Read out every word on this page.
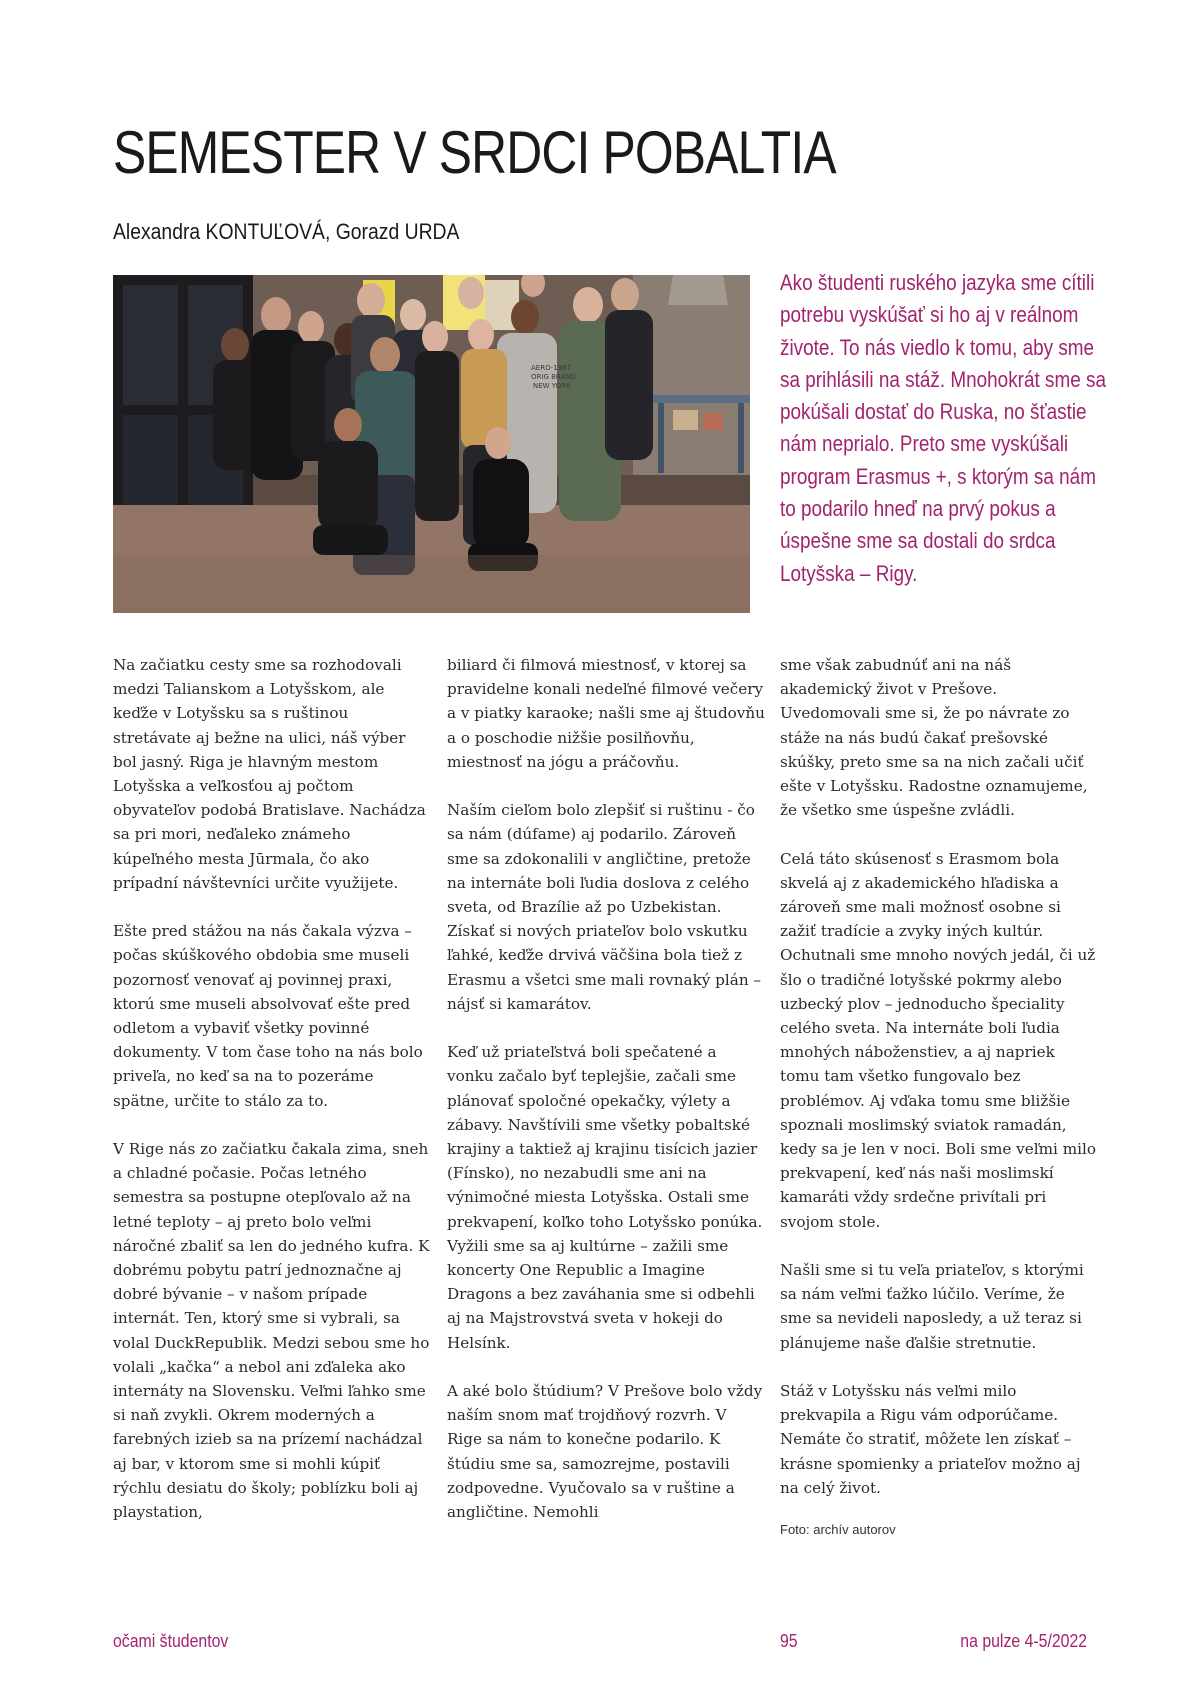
SEMESTER V SRDCI POBALTIA
Alexandra KONTUĽOVÁ, Gorazd URDA
AERO-1987
ORIG BRAND
NEW YORK

Ako študenti ruského jazyka sme cítili potrebu vyskúšať si ho aj v reálnom živote. To nás viedlo k tomu, aby sme sa prihlásili na stáž. Mnohokrát sme sa pokúšali dostať do Ruska, no šťastie nám neprialo. Preto sme vyskúšali program Erasmus +, s ktorým sa nám to podarilo hneď na prvý pokus a úspešne sme sa dostali do srdca Lotyšska – Rigy.

Na začiatku cesty sme sa rozhodovali medzi Talianskom a Lotyšskom, ale keďže v Lotyšsku sa s ruštinou stretávate aj bežne na ulici, náš výber bol jasný. Riga je hlavným mestom Lotyšska a veľkosťou aj počtom obyvateľov podobá Bratislave. Nachádza sa pri mori, neďaleko známeho kúpeľného mesta Jūrmala, čo ako prípadní návštevníci určite využijete.

Ešte pred stážou na nás čakala výzva – počas skúškového obdobia sme museli pozornosť venovať aj povinnej praxi, ktorú sme museli absolvovať ešte pred odletom a vybaviť všetky povinné dokumenty. V tom čase toho na nás bolo priveľa, no keď sa na to pozeráme spätne, určite to stálo za to.

V Rige nás zo začiatku čakala zima, sneh a chladné počasie. Počas letného semestra sa postupne otepľovalo až na letné teploty – aj preto bolo veľmi náročné zbaliť sa len do jedného kufra. K dobrému pobytu patrí jednoznačne aj dobré bývanie – v našom prípade internát. Ten, ktorý sme si vybrali, sa volal DuckRepublik. Medzi sebou sme ho volali „kačka“ a nebol ani zďaleka ako internáty na Slovensku. Veľmi ľahko sme si naň zvykli. Okrem moderných a farebných izieb sa na prízemí nachádzal aj bar, v ktorom sme si mohli kúpiť rýchlu desiatu do školy; poblízku boli aj playstation,

biliard či filmová miestnosť, v ktorej sa pravidelne konali nedeľné filmové večery a v piatky karaoke; našli sme aj študovňu a o poschodie nižšie posilňovňu, miestnosť na jógu a práčovňu.

Naším cieľom bolo zlepšiť si ruštinu - čo sa nám (dúfame) aj podarilo. Zároveň sme sa zdokonalili v angličtine, pretože na internáte boli ľudia doslova z celého sveta, od Brazílie až po Uzbekistan. Získať si nových priateľov bolo vskutku ľahké, keďže drvivá väčšina bola tiež z Erasmu a všetci sme mali rovnaký plán – nájsť si kamarátov.

Keď už priateľstvá boli spečatené a vonku začalo byť teplejšie, začali sme plánovať spoločné opekačky, výlety a zábavy. Navštívili sme všetky pobaltské krajiny a taktiež aj krajinu tisícich jazier (Fínsko), no nezabudli sme ani na výnimočné miesta Lotyšska. Ostali sme prekvapení, koľko toho Lotyšsko ponúka. Vyžili sme sa aj kultúrne – zažili sme koncerty One Republic a Imagine Dragons a bez zaváhania sme si odbehli aj na Majstrovstvá sveta v hokeji do Helsínk.

A aké bolo štúdium? V Prešove bolo vždy naším snom mať trojdňový rozvrh. V Rige sa nám to konečne podarilo. K štúdiu sme sa, samozrejme, postavili zodpovedne. Vyučovalo sa v ruštine a angličtine. Nemohli

sme však zabudnúť ani na náš akademický život v Prešove. Uvedomovali sme si, že po návrate zo stáže na nás budú čakať prešovské skúšky, preto sme sa na nich začali učiť ešte v Lotyšsku. Radostne oznamujeme, že všetko sme úspešne zvládli.

Celá táto skúsenosť s Erasmom bola skvelá aj z akademického hľadiska a zároveň sme mali možnosť osobne si zažiť tradície a zvyky iných kultúr. Ochutnali sme mnoho nových jedál, či už šlo o tradičné lotyšské pokrmy alebo uzbecký plov – jednoducho špeciality celého sveta. Na internáte boli ľudia mnohých náboženstiev, a aj napriek tomu tam všetko fungovalo bez problémov. Aj vďaka tomu sme bližšie spoznali moslimský sviatok ramadán, kedy sa je len v noci. Boli sme veľmi milo prekvapení, keď nás naši moslimskí kamaráti vždy srdečne privítali pri svojom stole.

Našli sme si tu veľa priateľov, s ktorými sa nám veľmi ťažko lúčilo. Veríme, že sme sa nevideli naposledy, a už teraz si plánujeme naše ďalšie stretnutie.

Stáž v Lotyšsku nás veľmi milo prekvapila a Rigu vám odporúčame. Nemáte čo stratiť, môžete len získať – krásne spomienky a priateľov možno aj na celý život.

Foto: archív autorov

očami študentov	95	na pulze 4-5/2022
